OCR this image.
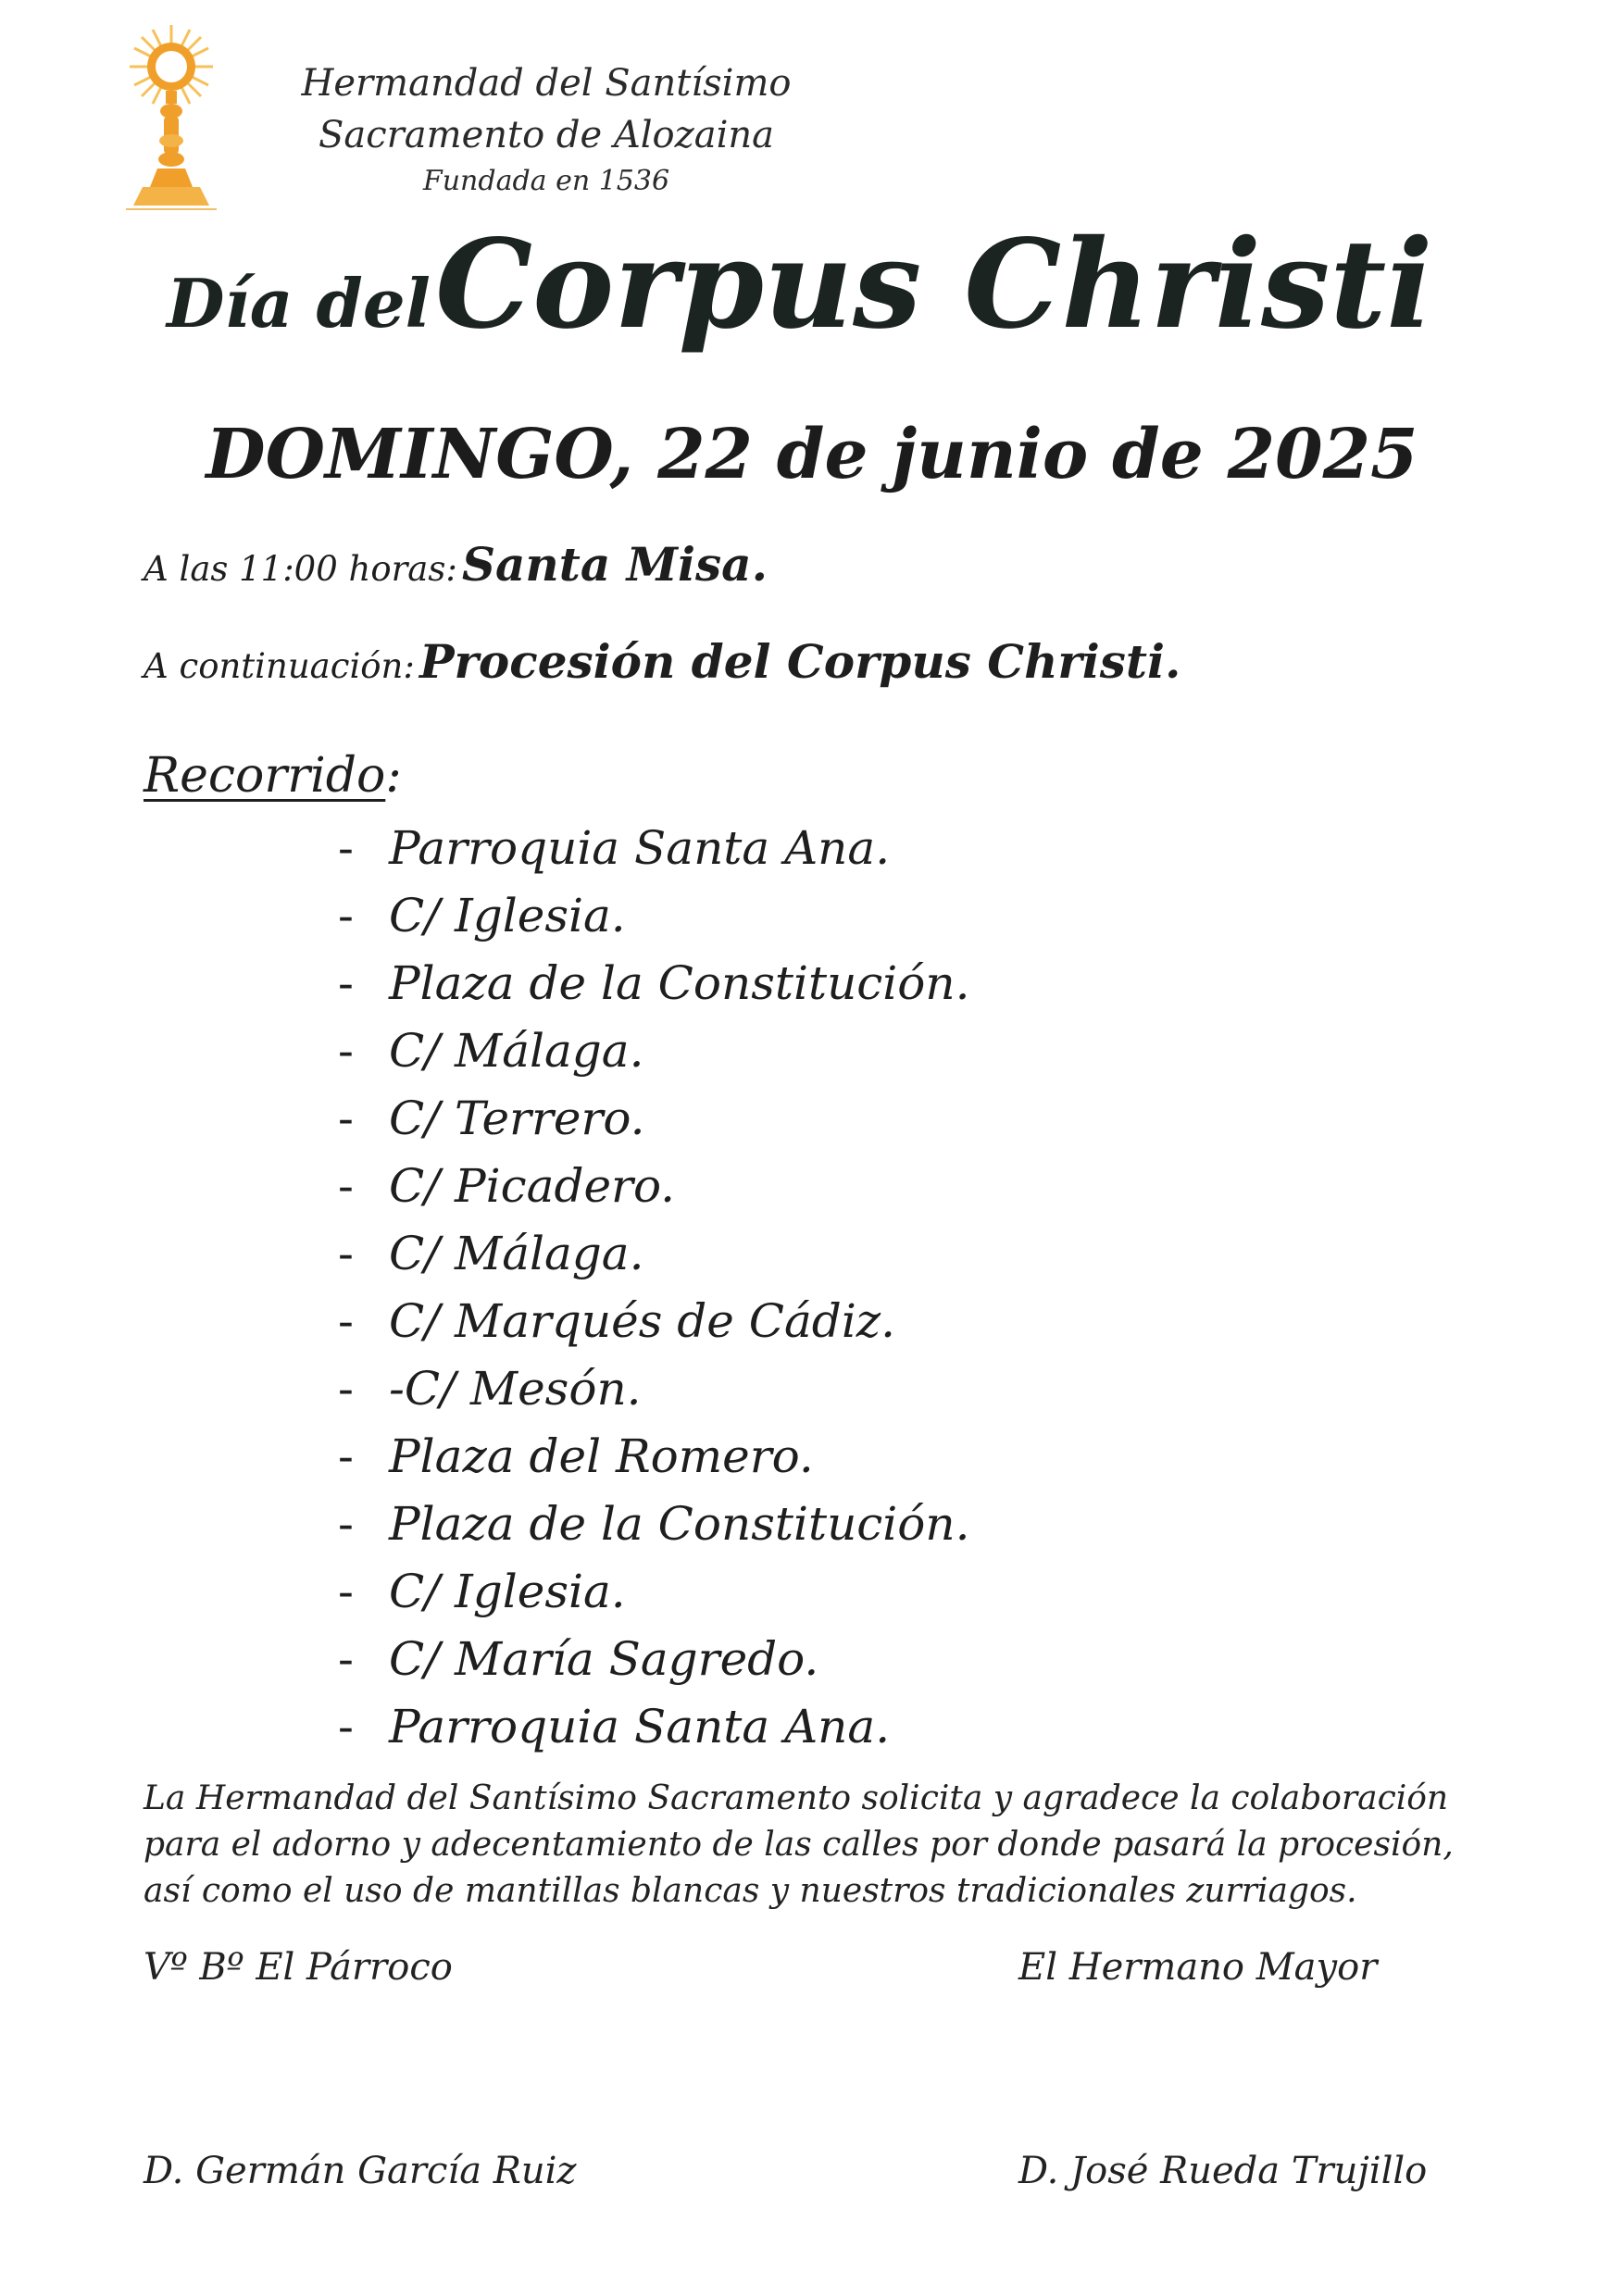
Hermandad del Santísimo
Sacramento de Alozaina
Fundada en 1536
Día del Corpus Christi
DOMINGO, 22 de junio de 2025
A las 11:00 horas: Santa Misa.
A continuación: Procesión del Corpus Christi.
Recorrido:
- Parroquia Santa Ana.
- C/ Iglesia.
- Plaza de la Constitución.
- C/ Málaga.
- C/ Terrero.
- C/ Picadero.
- C/ Málaga.
- C/ Marqués de Cádiz.
- -C/ Mesón.
- Plaza del Romero.
- Plaza de la Constitución.
- C/ Iglesia.
- C/ María Sagredo.
- Parroquia Santa Ana.
La Hermandad del Santísimo Sacramento solicita y agradece la colaboración
para el adorno y adecentamiento de las calles por donde pasará la procesión,
así como el uso de mantillas blancas y nuestros tradicionales zurriagos.
Vº Bº El Párroco	El Hermano Mayor
D. Germán García Ruiz	D. José Rueda Trujillo
